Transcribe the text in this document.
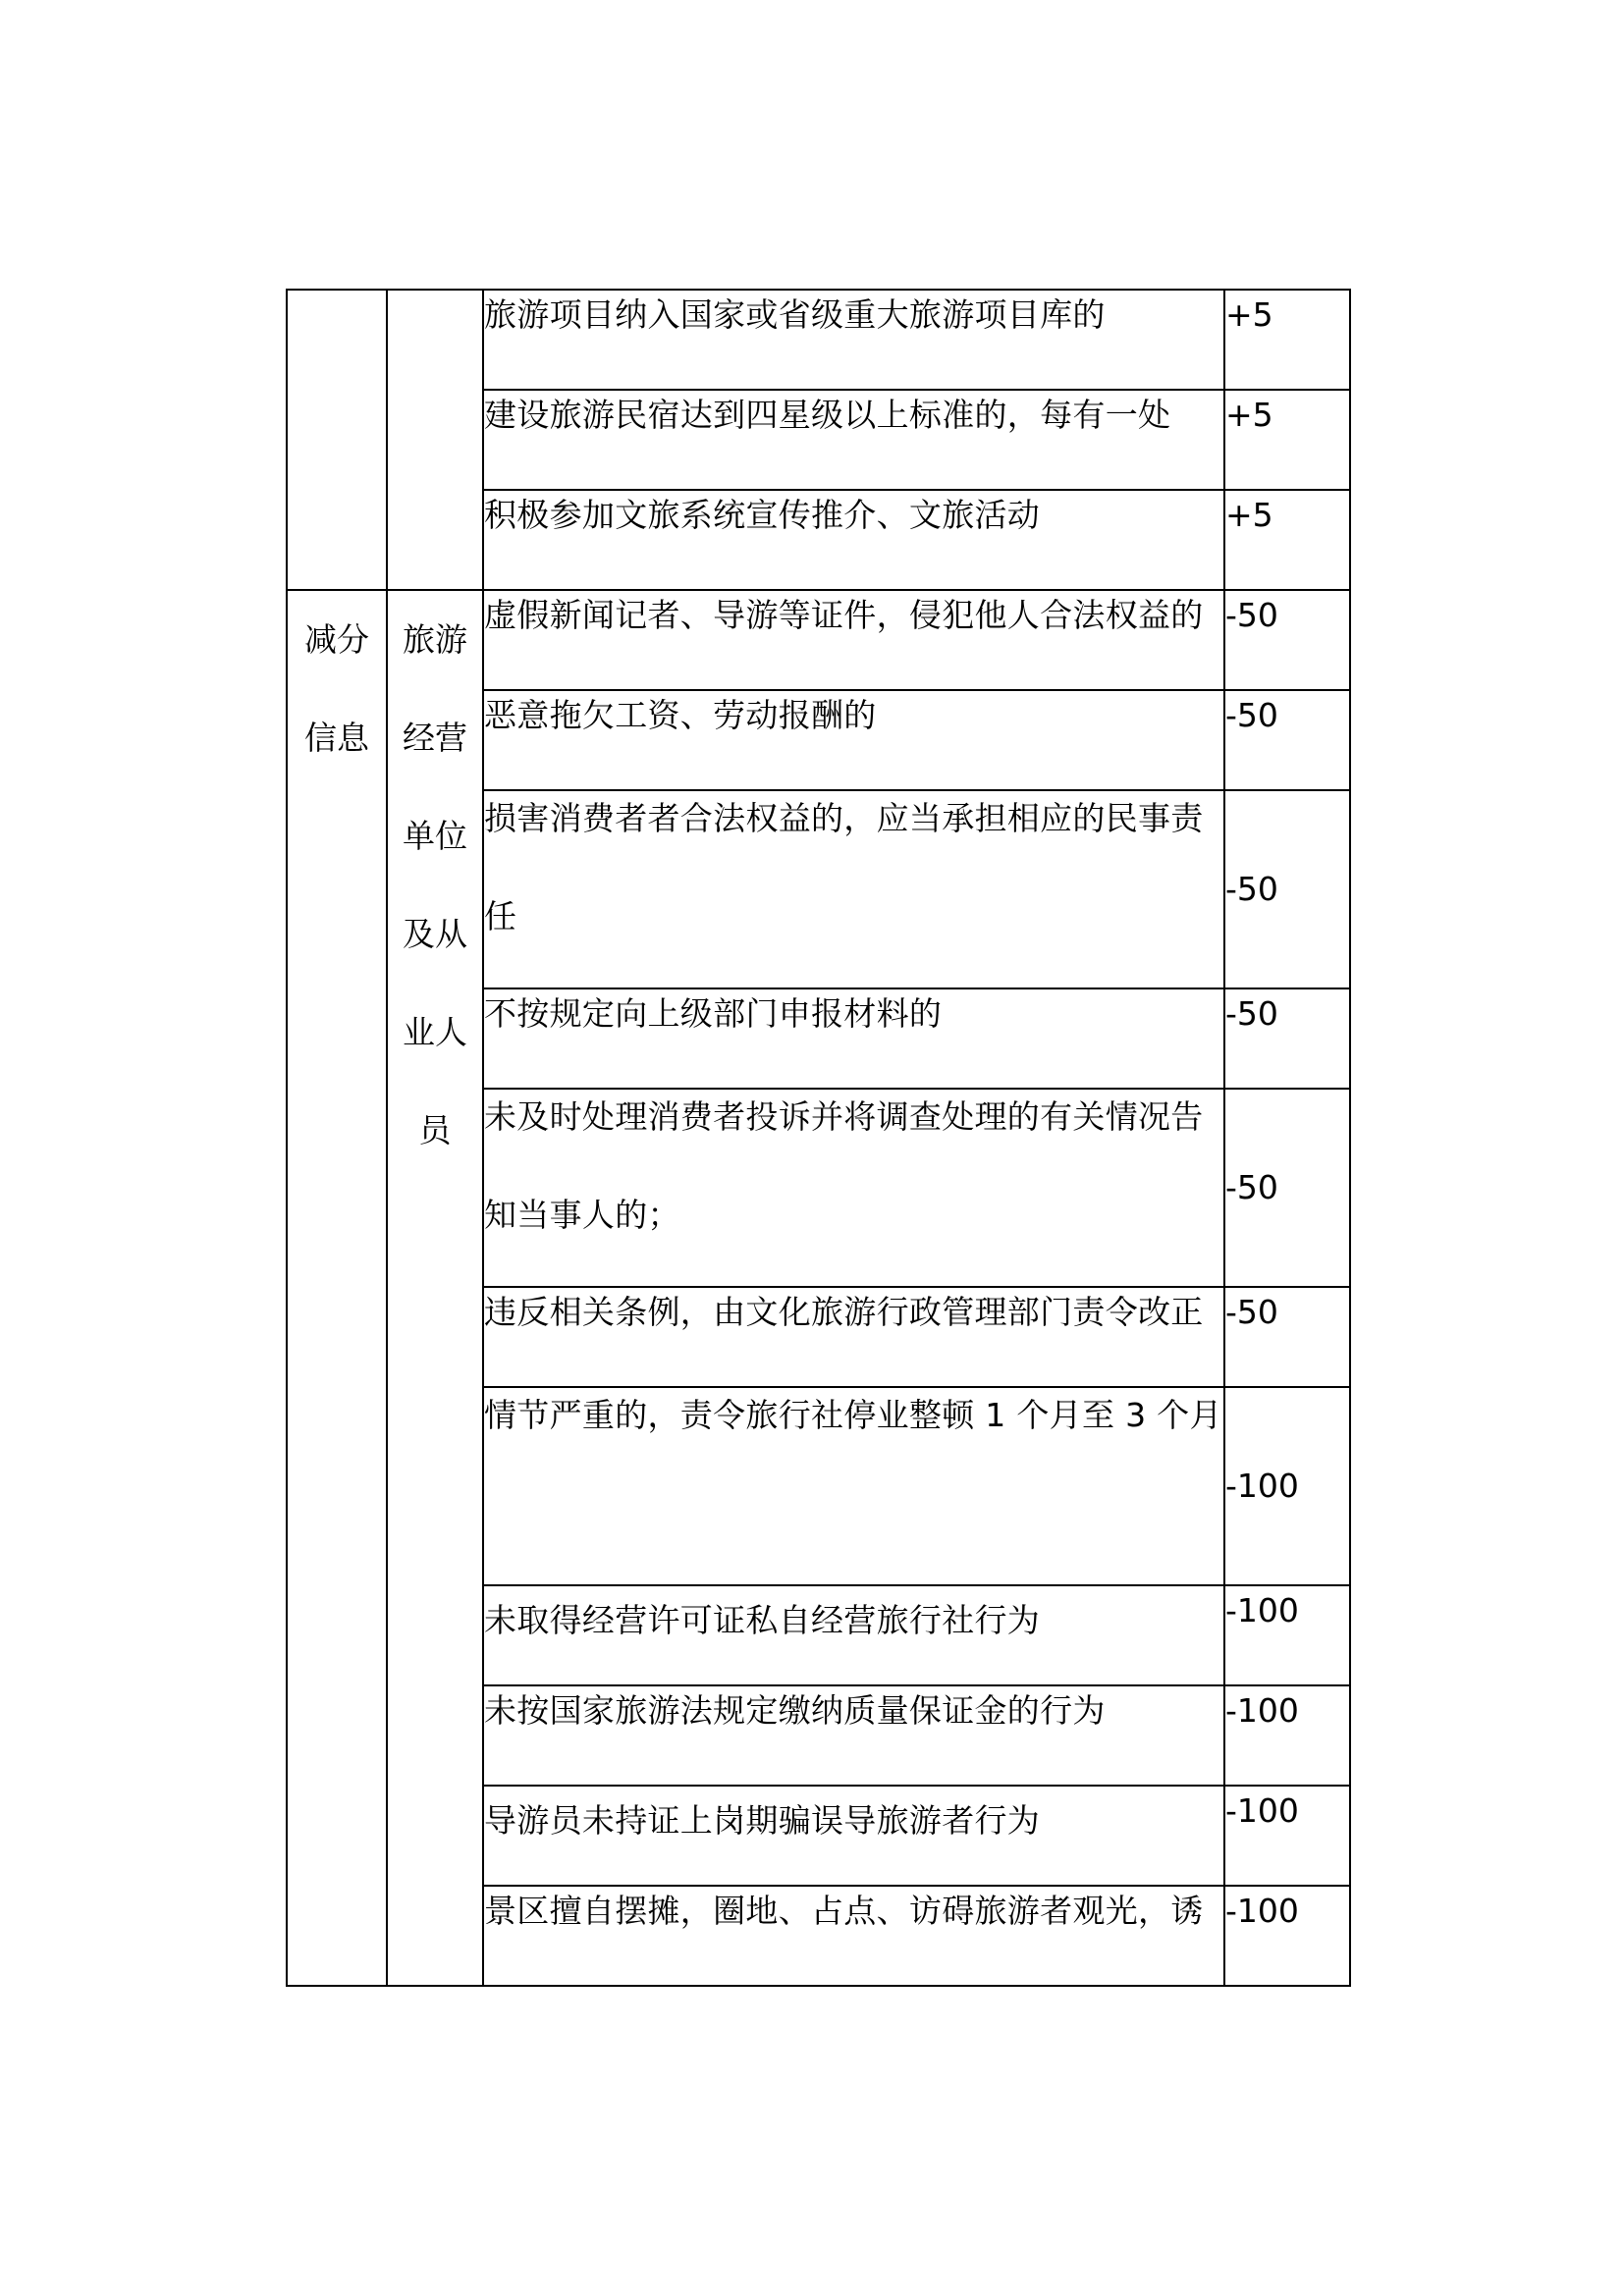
		旅游项目纳入国家或省级重大旅游项目库的	+5

		建设旅游民宿达到四星级以上标准的，每有一处	+5

		积极参加文旅系统宣传推介、文旅活动	+5
减分信息	旅游经营单位及从业人员	虚假新闻记者、导游等证件，侵犯他人合法权益的	-50

		恶意拖欠工资、劳动报酬的	-50

		损害消费者者合法权益的，应当承担相应的民事责任	-50

		不按规定向上级部门申报材料的	-50

		未及时处理消费者投诉并将调查处理的有关情况告知当事人的；	-50

		违反相关条例，由文化旅游行政管理部门责令改正	-50

		情节严重的，责令旅行社停业整顿 1 个月至 3 个月	-100

		未取得经营许可证私自经营旅行社行为	-100

		未按国家旅游法规定缴纳质量保证金的行为	-100

		导游员未持证上岗期骗误导旅游者行为	-100

		景区擅自摆摊，圈地、占点、访碍旅游者观光，诱	-100
